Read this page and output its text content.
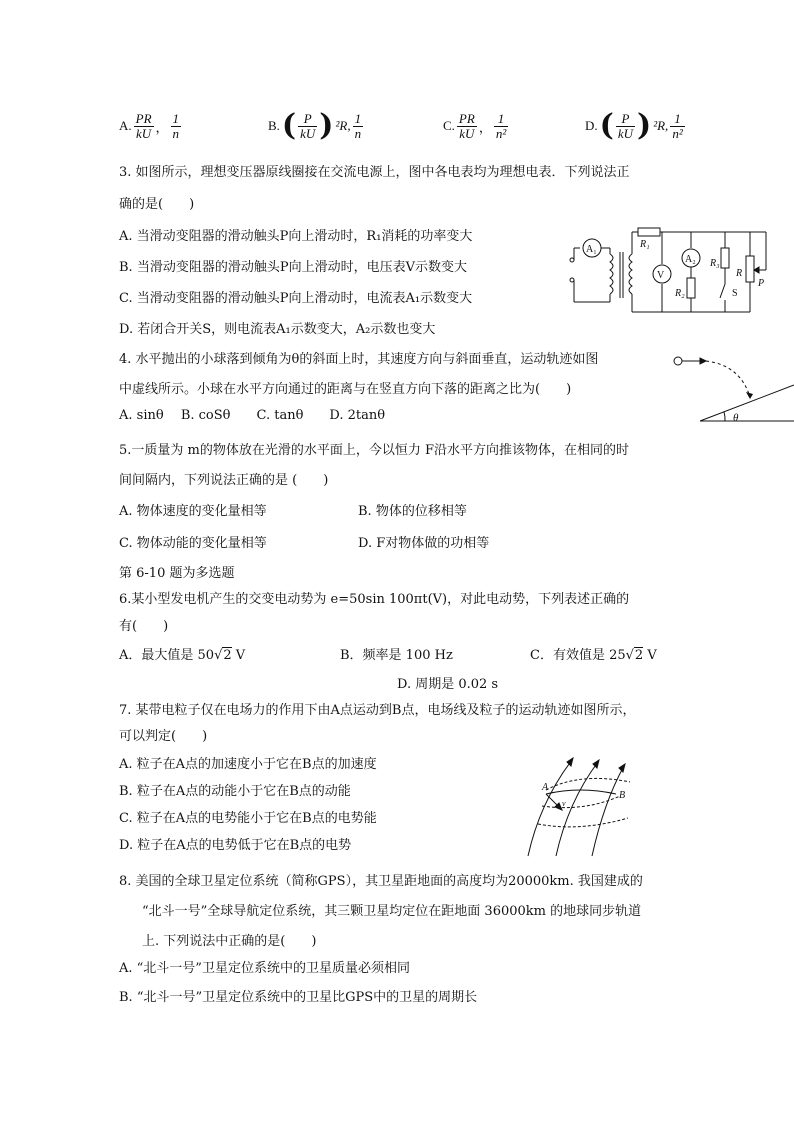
A. $\frac{PR}{kU}$ ， $\frac{1}{n}$	B. ( $\frac{P}{kU}$ ) ²R, $\frac{1}{n}$	C. $\frac{PR}{kU}$ ， $\frac{1}{\text{n²}}$	D. ( $\frac{P}{kU}$ ) ²R, $\frac{1}{\text{n²}}$
3. 如图所示，理想变压器原线圈接在交流电源上，图中各电表均为理想电表．下列说法正
确的是(　　)
A. 当滑动变阻器的滑动触头P向上滑动时，R₁消耗的功率变大
B. 当滑动变阻器的滑动触头P向上滑动时，电压表V示数变大
C. 当滑动变阻器的滑动触头P向上滑动时，电流表A₁示数变大
D. 若闭合开关S，则电流表A₁示数变大，A₂示数也变大
A₁
V
A₂
R₁
R₂
R₃
R
P
S
4. 水平抛出的小球落到倾角为θ的斜面上时，其速度方向与斜面垂直，运动轨迹如图
中虚线所示。小球在水平方向通过的距离与在竖直方向下落的距离之比为(　　)
A. sinθ　 B. coSθ　　C. tanθ　　D. 2tanθ	θ
5.一质量为 m的物体放在光滑的水平面上，今以恒力 F沿水平方向推该物体，在相同的时
间间隔内，下列说法正确的是 (　　)
A. 物体速度的变化量相等	B. 物体的位移相等
C. 物体动能的变化量相等	D. F对物体做的功相等
第 6-10 题为多选题
6.某小型发电机产生的交变电动势为 e=50sin 100πt(V)，对此电动势，下列表述正确的
有(　　)
A．最大值是 50√2 V	B．频率是 100 Hz	C．有效值是 25√2 V
D. 周期是 0.02 s
7. 某带电粒子仅在电场力的作用下由A点运动到B点，电场线及粒子的运动轨迹如图所示，
可以判定(　　)
A. 粒子在A点的加速度小于它在B点的加速度
B. 粒子在A点的动能小于它在B点的动能
C. 粒子在A点的电势能小于它在B点的电势能
D. 粒子在A点的电势低于它在B点的电势
A
B
v
8. 美国的全球卫星定位系统（简称GPS），其卫星距地面的高度均为20000km. 我国建成的
“北斗一号”全球导航定位系统，其三颗卫星均定位在距地面 36000km 的地球同步轨道
上. 下列说法中正确的是(　　)
A. “北斗一号”卫星定位系统中的卫星质量必须相同
B. “北斗一号”卫星定位系统中的卫星比GPS中的卫星的周期长
